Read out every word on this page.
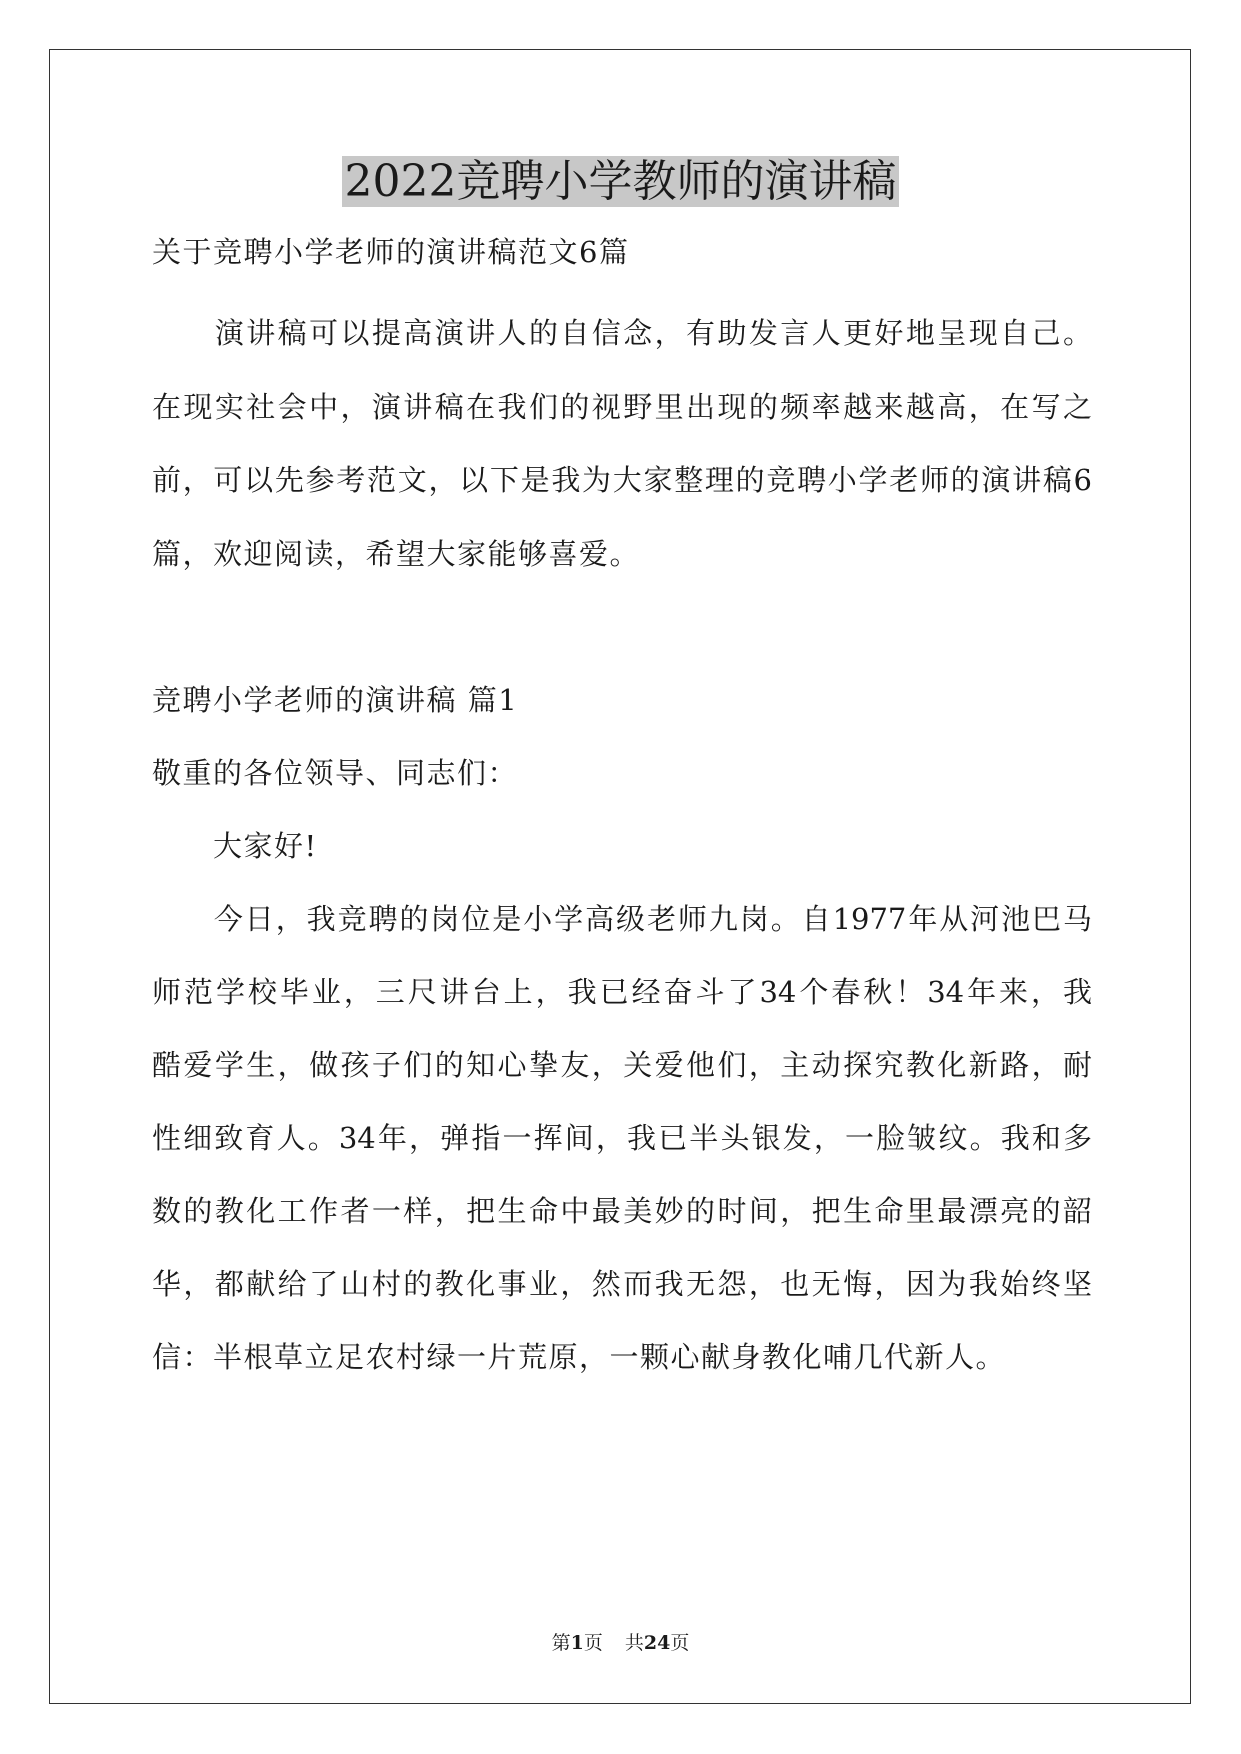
2022竞聘小学教师的演讲稿
关于竞聘小学老师的演讲稿范文6篇
　　演讲稿可以提高演讲人的自信念，有助发言人更好地呈现自己。
在现实社会中，演讲稿在我们的视野里出现的频率越来越高，在写之
前，可以先参考范文，以下是我为大家整理的竞聘小学老师的演讲稿6
篇，欢迎阅读，希望大家能够喜爱。
竞聘小学老师的演讲稿 篇1
敬重的各位领导、同志们：
　　大家好!
　　今日，我竞聘的岗位是小学高级老师九岗。自1977年从河池巴马
师范学校毕业，三尺讲台上，我已经奋斗了34个春秋！34年来，我
酷爱学生，做孩子们的知心挚友，关爱他们，主动探究教化新路，耐
性细致育人。34年，弹指一挥间，我已半头银发，一脸皱纹。我和多
数的教化工作者一样，把生命中最美妙的时间，把生命里最漂亮的韶
华，都献给了山村的教化事业，然而我无怨，也无悔，因为我始终坚
信：半根草立足农村绿一片荒原，一颗心献身教化哺几代新人。
第1页 共24页
